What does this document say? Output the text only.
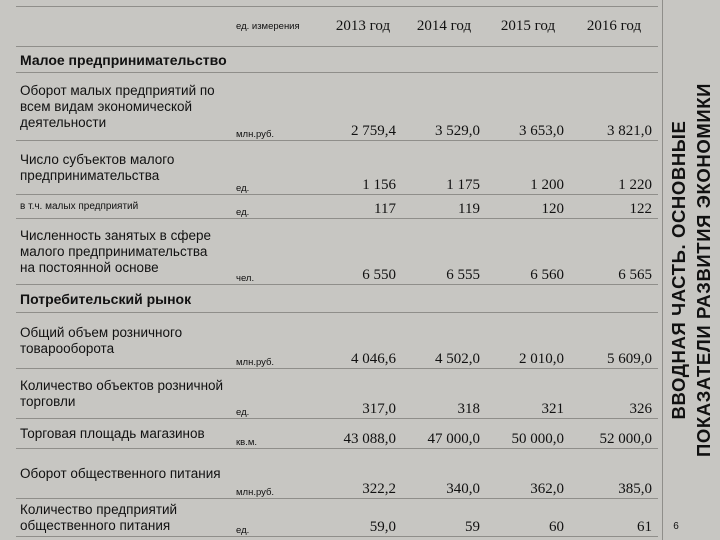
	ед. измерения	2013 год	2014 год	2015 год	2016 год
Малое предпринимательство					
Оборот малых предприятий по всем видам экономической деятельности	млн.руб.	2 759,4	3 529,0	3 653,0	3 821,0
Число субъектов малого предпринимательства	ед.	1 156	1 175	1 200	1 220
в т.ч. малых предприятий	ед.	117	119	120	122
Численность занятых в сфере малого предпринимательства на постоянной основе	чел.	6 550	6 555	6 560	6 565
Потребительский рынок					
Общий объем розничного товарооборота	млн.руб.	4 046,6	4 502,0	2 010,0	5 609,0
Количество объектов розничной торговли	ед.	317,0	318	321	326
Торговая площадь магазинов	кв.м.	43 088,0	47 000,0	50 000,0	52 000,0
Оборот общественного питания	млн.руб.	322,2	340,0	362,0	385,0
Количество предприятий общественного питания	ед.	59,0	59	60	61
ВВОДНАЯ ЧАСТЬ. ОСНОВНЫЕ ПОКАЗАТЕЛИ РАЗВИТИЯ ЭКОНОМИКИ
6
